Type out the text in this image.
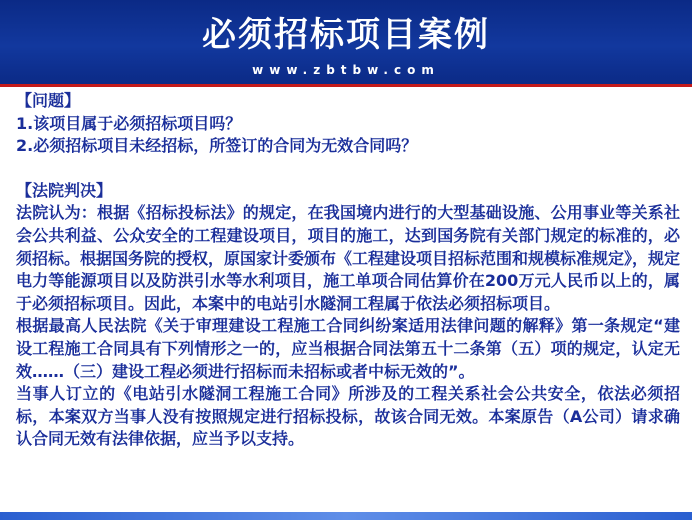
必须招标项目案例
www.zbtbw.com

【问题】

1.该项目属于必须招标项目吗？

2.必须招标项目未经招标，所签订的合同为无效合同吗？

【法院判决】

法院认为：根据《招标投标法》的规定，在我国境内进行的大型基础设施、公用事业等关系社会公共利益、公众安全的工程建设项目，项目的施工，达到国务院有关部门规定的标准的，必须招标。根据国务院的授权，原国家计委颁布《工程建设项目招标范围和规模标准规定》，规定电力等能源项目以及防洪引水等水利项目，施工单项合同估算价在200万元人民币以上的，属于必须招标项目。因此，本案中的电站引水隧洞工程属于依法必须招标项目。

根据最高人民法院《关于审理建设工程施工合同纠纷案适用法律问题的解释》第一条规定“建设工程施工合同具有下列情形之一的，应当根据合同法第五十二条第（五）项的规定，认定无效……（三）建设工程必须进行招标而未招标或者中标无效的”。

当事人订立的《电站引水隧洞工程施工合同》所涉及的工程关系社会公共安全，依法必须招标，本案双方当事人没有按照规定进行招标投标，故该合同无效。本案原告（A公司）请求确认合同无效有法律依据，应当予以支持。
